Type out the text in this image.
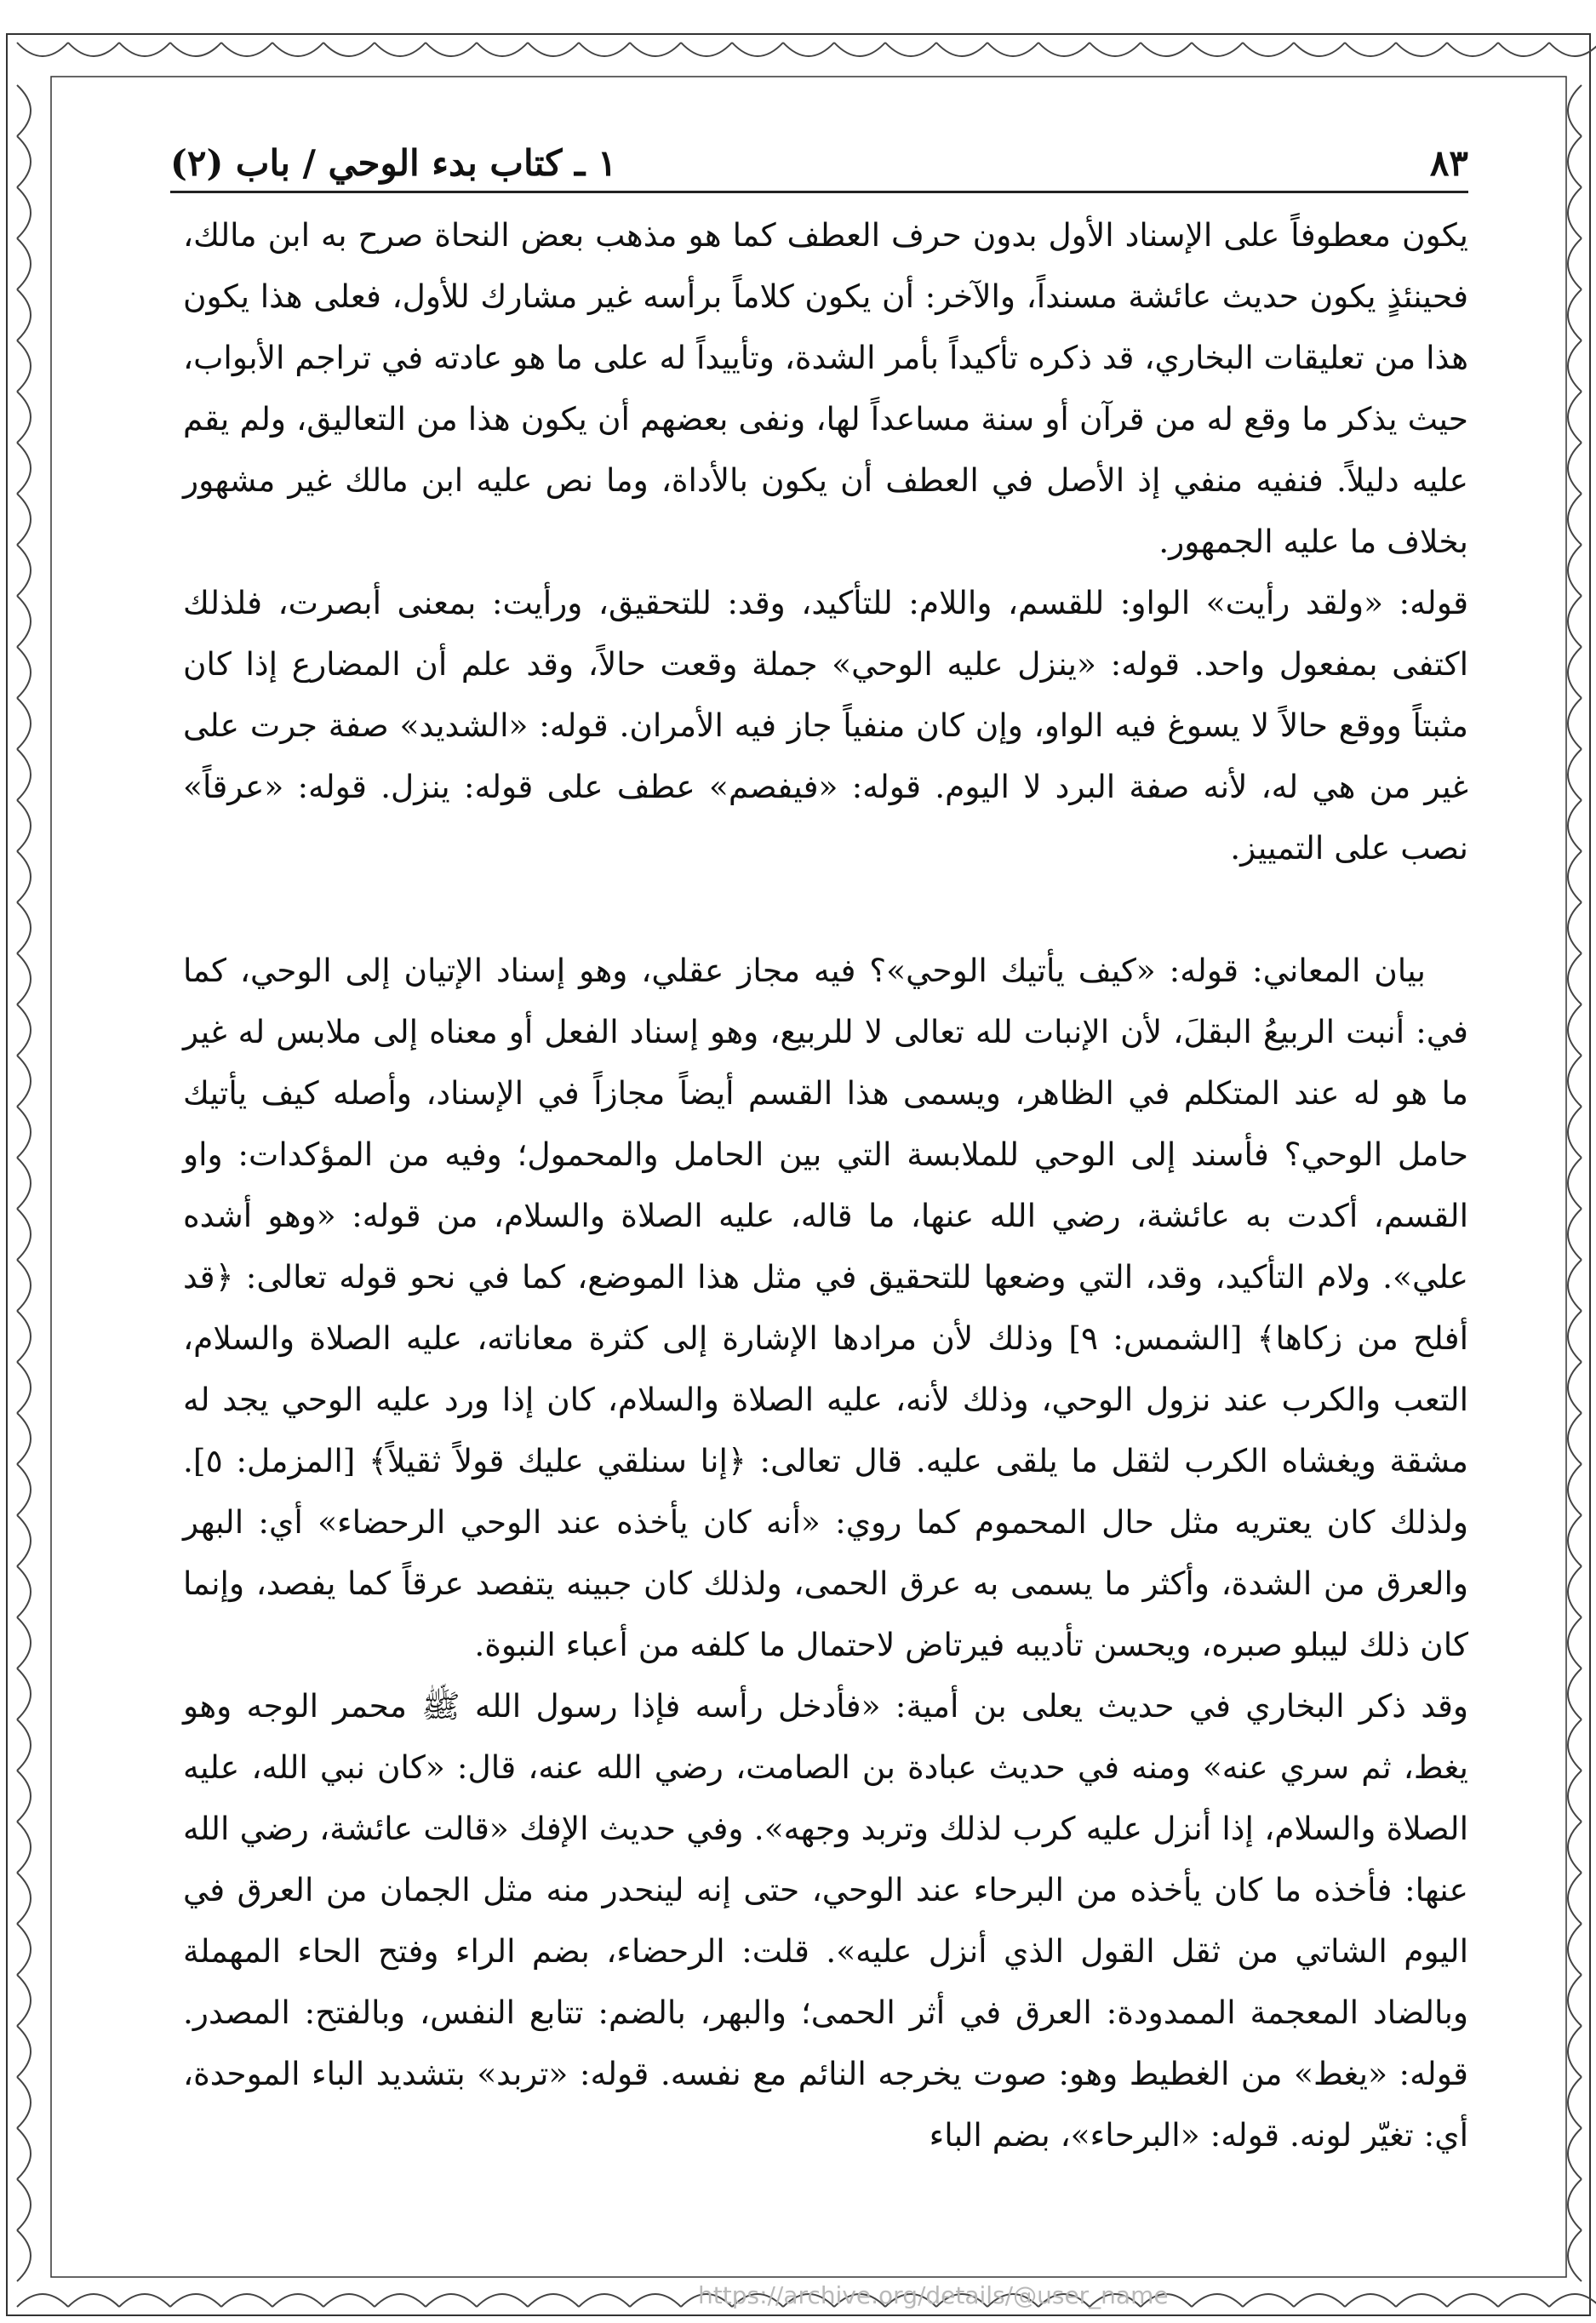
٨٣
١ ـ كتاب بدء الوحي / باب (٢)

يكون معطوفاً على الإسناد الأول بدون حرف العطف كما هو مذهب بعض النحاة صرح به ابن مالك، فحينئذٍ يكون حديث عائشة مسنداً، والآخر: أن يكون كلاماً برأسه غير مشارك للأول، فعلى هذا يكون هذا من تعليقات البخاري، قد ذكره تأكيداً بأمر الشدة، وتأييداً له على ما هو عادته في تراجم الأبواب، حيث يذكر ما وقع له من قرآن أو سنة مساعداً لها، ونفى بعضهم أن يكون هذا من التعاليق، ولم يقم عليه دليلاً. فنفيه منفي إذ الأصل في العطف أن يكون بالأداة، وما نص عليه ابن مالك غير مشهور بخلاف ما عليه الجمهور.

قوله: «ولقد رأيت» الواو: للقسم، واللام: للتأكيد، وقد: للتحقيق، ورأيت: بمعنى أبصرت، فلذلك اكتفى بمفعول واحد. قوله: «ينزل عليه الوحي» جملة وقعت حالاً، وقد علم أن المضارع إذا كان مثبتاً ووقع حالاً لا يسوغ فيه الواو، وإن كان منفياً جاز فيه الأمران. قوله: «الشديد» صفة جرت على غير من هي له، لأنه صفة البرد لا اليوم. قوله: «فيفصم» عطف على قوله: ينزل. قوله: «عرقاً» نصب على التمييز.

بيان المعاني: قوله: «كيف يأتيك الوحي»؟ فيه مجاز عقلي، وهو إسناد الإتيان إلى الوحي، كما في: أنبت الربيعُ البقلَ، لأن الإنبات لله تعالى لا للربيع، وهو إسناد الفعل أو معناه إلى ملابس له غير ما هو له عند المتكلم في الظاهر، ويسمى هذا القسم أيضاً مجازاً في الإسناد، وأصله كيف يأتيك حامل الوحي؟ فأسند إلى الوحي للملابسة التي بين الحامل والمحمول؛ وفيه من المؤكدات: واو القسم، أكدت به عائشة، رضي الله عنها، ما قاله، عليه الصلاة والسلام، من قوله: «وهو أشده علي». ولام التأكيد، وقد، التي وضعها للتحقيق في مثل هذا الموضع، كما في نحو قوله تعالى: ﴿قد أفلح من زكاها﴾ [الشمس: ٩] وذلك لأن مرادها الإشارة إلى كثرة معاناته، عليه الصلاة والسلام، التعب والكرب عند نزول الوحي، وذلك لأنه، عليه الصلاة والسلام، كان إذا ورد عليه الوحي يجد له مشقة ويغشاه الكرب لثقل ما يلقى عليه. قال تعالى: ﴿إنا سنلقي عليك قولاً ثقيلاً﴾ [المزمل: ٥]. ولذلك كان يعتريه مثل حال المحموم كما روي: «أنه كان يأخذه عند الوحي الرحضاء» أي: البهر والعرق من الشدة، وأكثر ما يسمى به عرق الحمى، ولذلك كان جبينه يتفصد عرقاً كما يفصد، وإنما كان ذلك ليبلو صبره، ويحسن تأديبه فيرتاض لاحتمال ما كلفه من أعباء النبوة.

وقد ذكر البخاري في حديث يعلى بن أمية: «فأدخل رأسه فإذا رسول الله ﷺ محمر الوجه وهو يغط، ثم سري عنه» ومنه في حديث عبادة بن الصامت، رضي الله عنه، قال: «كان نبي الله، عليه الصلاة والسلام، إذا أنزل عليه كرب لذلك وتربد وجهه». وفي حديث الإفك «قالت عائشة، رضي الله عنها: فأخذه ما كان يأخذه من البرحاء عند الوحي، حتى إنه لينحدر منه مثل الجمان من العرق في اليوم الشاتي من ثقل القول الذي أنزل عليه». قلت: الرحضاء، بضم الراء وفتح الحاء المهملة وبالضاد المعجمة الممدودة: العرق في أثر الحمى؛ والبهر، بالضم: تتابع النفس، وبالفتح: المصدر. قوله: «يغط» من الغطيط وهو: صوت يخرجه النائم مع نفسه. قوله: «تربد» بتشديد الباء الموحدة، أي: تغيّر لونه. قوله: «البرحاء»، بضم الباء

https://archive.org/details/@user_name
